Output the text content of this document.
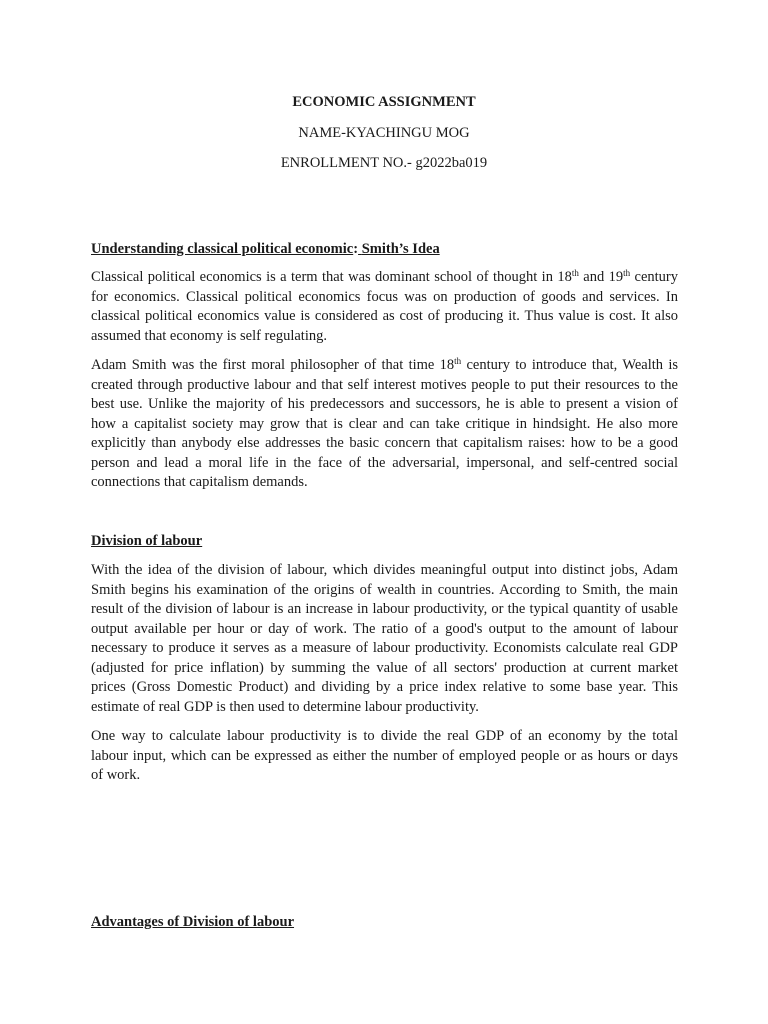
ECONOMIC ASSIGNMENT
NAME-KYACHINGU MOG
ENROLLMENT NO.- g2022ba019
Understanding classical political economic: Smith’s Idea
Classical political economics is a term that was dominant school of thought in 18th and 19th century
for economics. Classical political economics focus was on production of goods and services. In
classical political economics value is considered as cost of producing it. Thus value is cost. It also
assumed that economy is self regulating.
Adam Smith was the first moral philosopher of that time 18th century to introduce that, Wealth is
created through productive labour and that self interest motives people to put their resources to the
best use. Unlike the majority of his predecessors and successors, he is able to present a vision of
how a capitalist society may grow that is clear and can take critique in hindsight. He also more
explicitly than anybody else addresses the basic concern that capitalism raises: how to be a good
person and lead a moral life in the face of the adversarial, impersonal, and self-centred social
connections that capitalism demands.
Division of labour
With the idea of the division of labour, which divides meaningful output into distinct jobs, Adam
Smith begins his examination of the origins of wealth in countries. According to Smith, the main
result of the division of labour is an increase in labour productivity, or the typical quantity of usable
output available per hour or day of work. The ratio of a good's output to the amount of labour
necessary to produce it serves as a measure of labour productivity. Economists calculate real GDP
(adjusted for price inflation) by summing the value of all sectors' production at current market
prices (Gross Domestic Product) and dividing by a price index relative to some base year. This
estimate of real GDP is then used to determine labour productivity.
One way to calculate labour productivity is to divide the real GDP of an economy by the total
labour input, which can be expressed as either the number of employed people or as hours or days
of work.
Advantages of Division of labour
